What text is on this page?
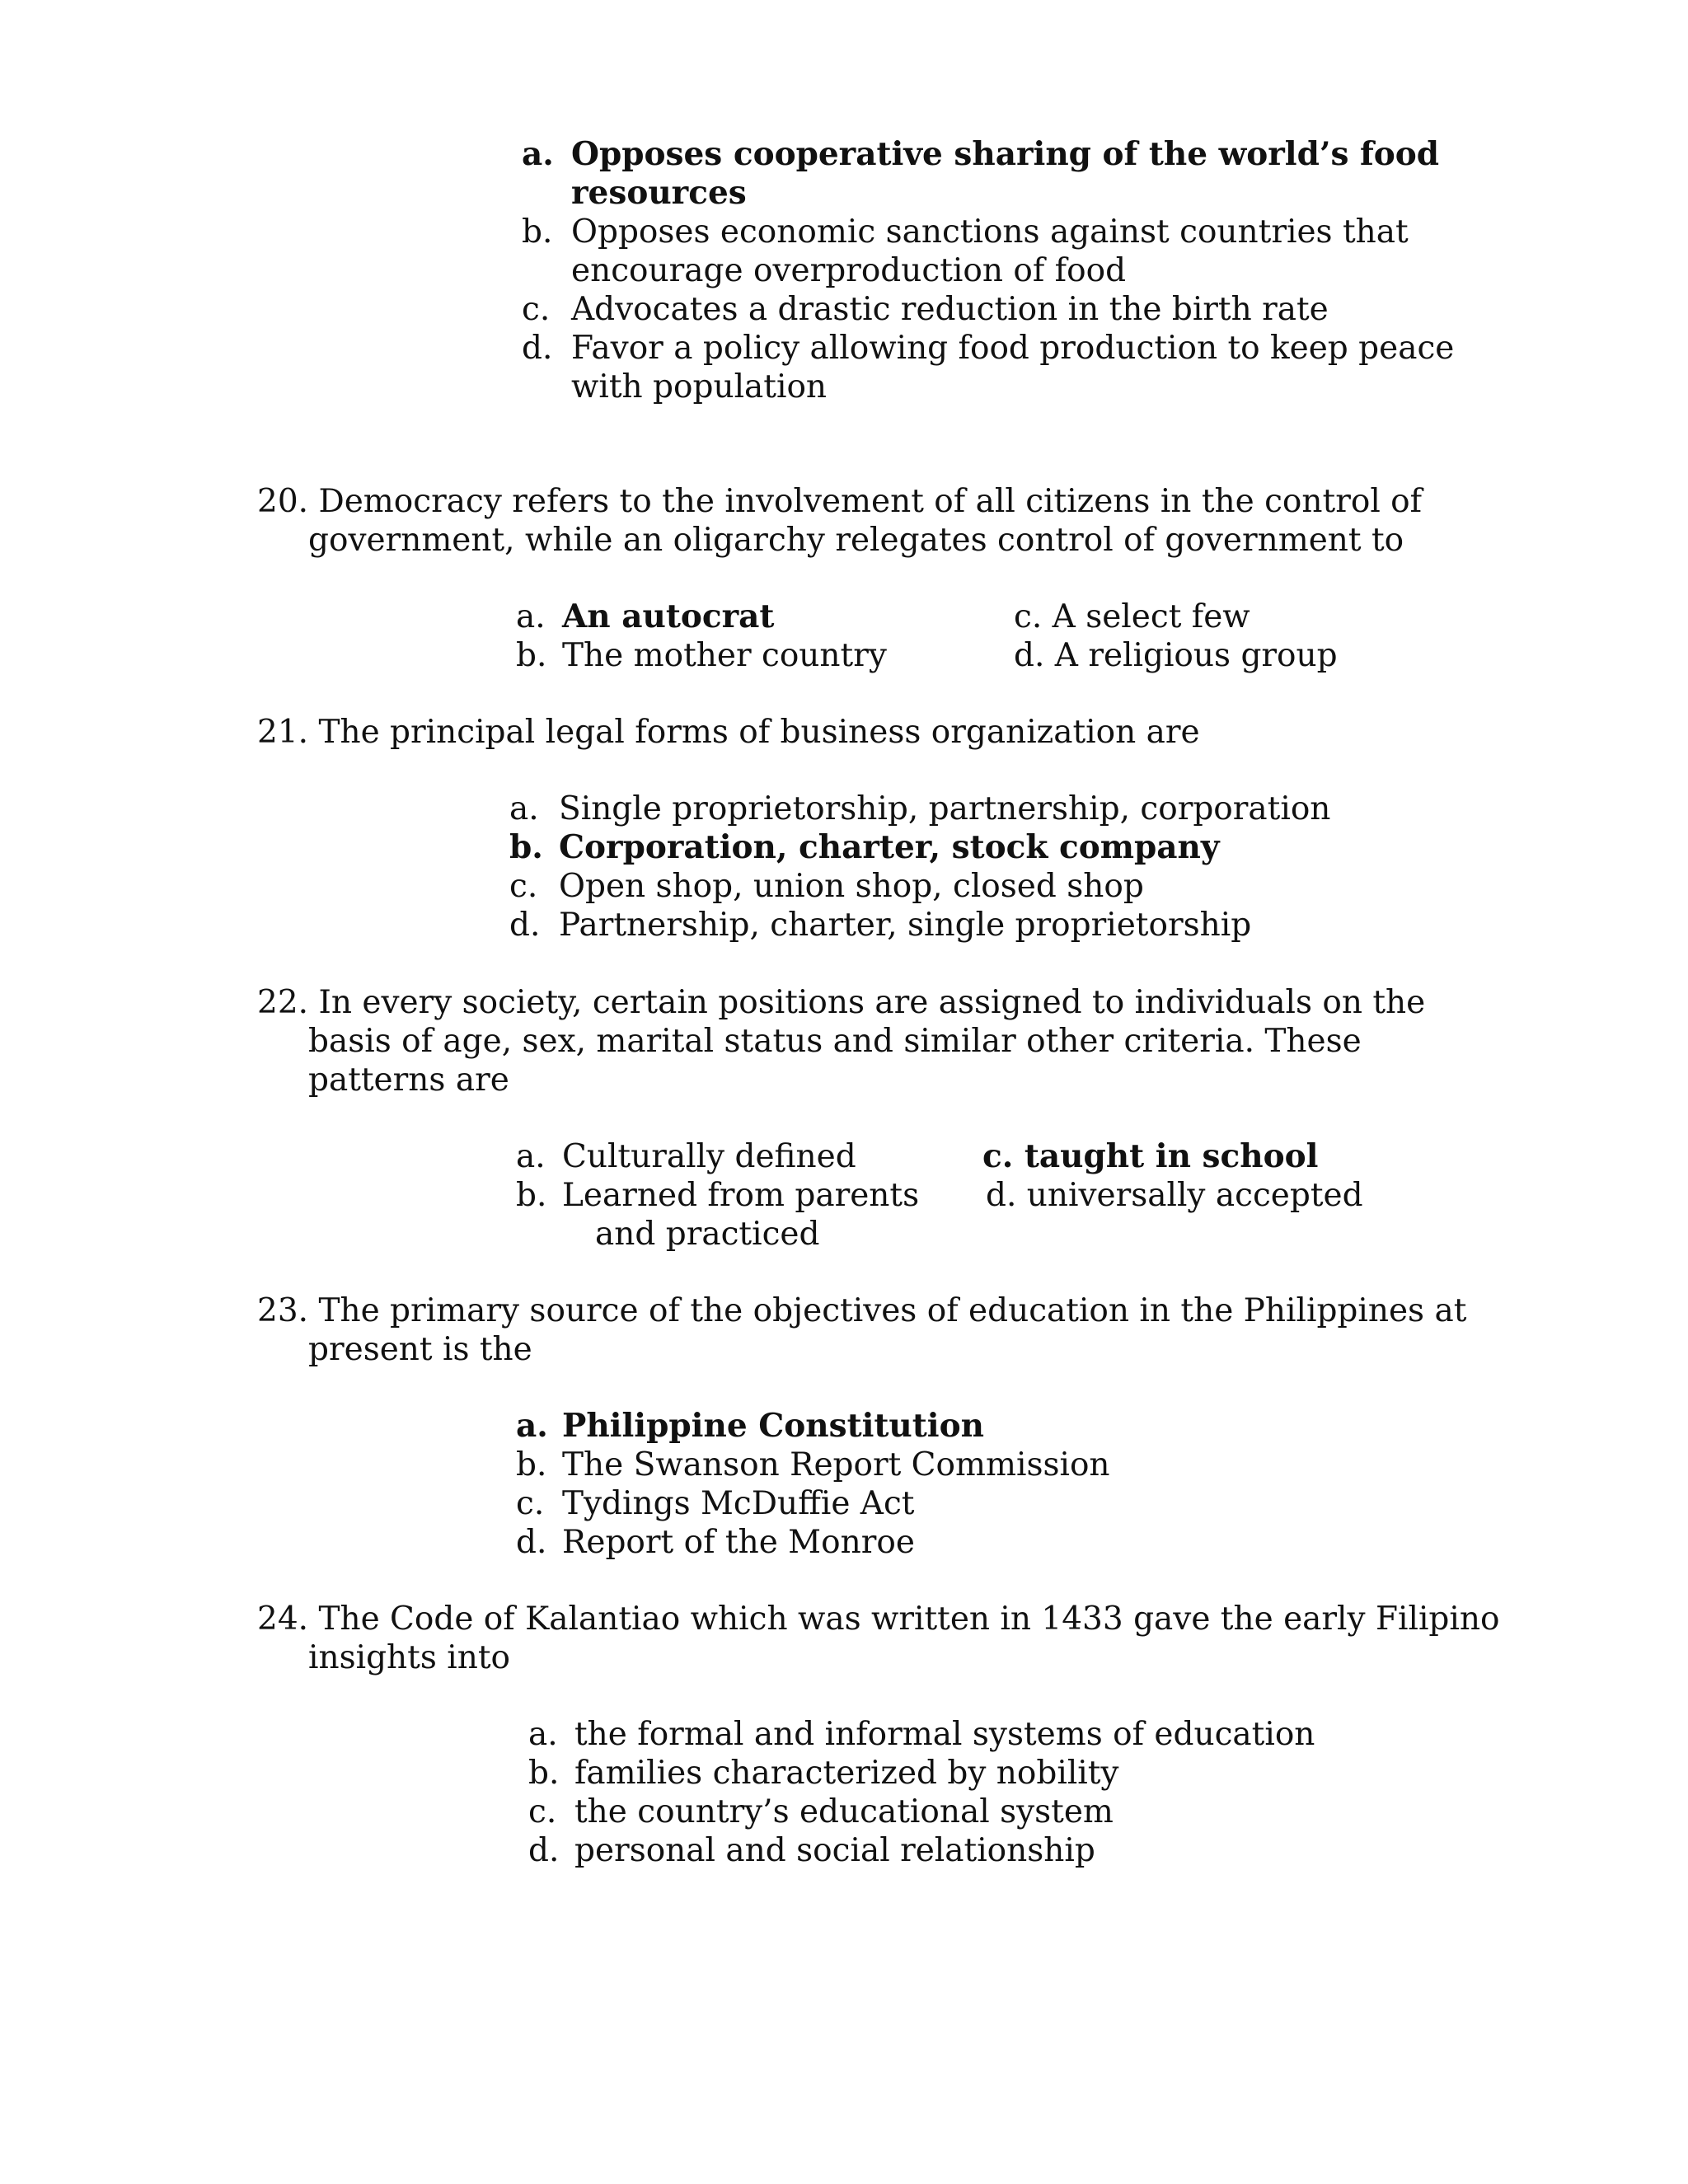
a. Opposes cooperative sharing of the world’s food
resources
b. Opposes economic sanctions against countries that
encourage overproduction of food
c. Advocates a drastic reduction in the birth rate
d. Favor a policy allowing food production to keep peace
with population
20. Democracy refers to the involvement of all citizens in the control of
government, while an oligarchy relegates control of government to
a. An autocrat	c. A select few
b. The mother country	d. A religious group
21. The principal legal forms of business organization are
a. Single proprietorship, partnership, corporation
b. Corporation, charter, stock company
c. Open shop, union shop, closed shop
d. Partnership, charter, single proprietorship
22. In every society, certain positions are assigned to individuals on the
basis of age, sex, marital status and similar other criteria. These
patterns are
a. Culturally defined	c. taught in school
b. Learned from parents d. universally accepted
and practiced
23. The primary source of the objectives of education in the Philippines at
present is the
a. Philippine Constitution
b. The Swanson Report Commission
c. Tydings McDuffie Act
d. Report of the Monroe
24. The Code of Kalantiao which was written in 1433 gave the early Filipino
insights into
a. the formal and informal systems of education
b. families characterized by nobility
c. the country’s educational system
d. personal and social relationship
